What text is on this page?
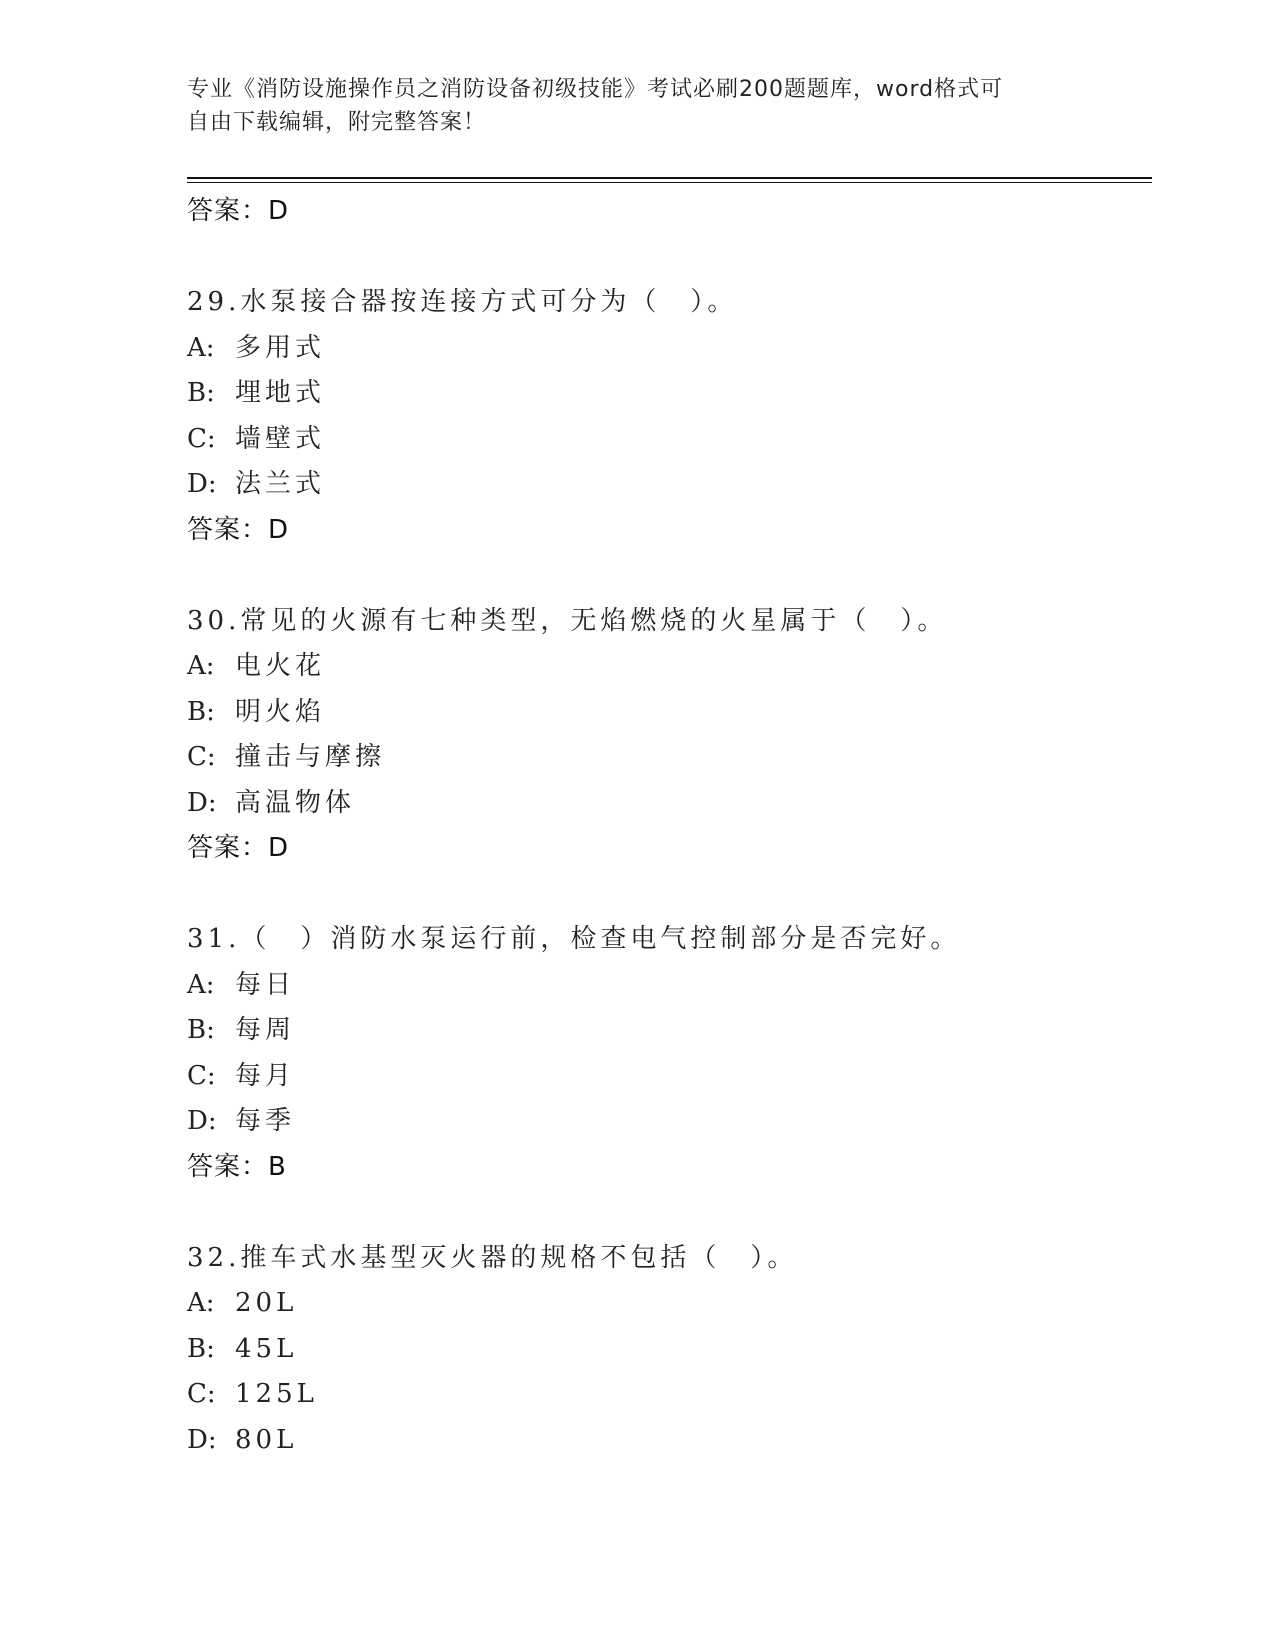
专业《消防设施操作员之消防设备初级技能》考试必刷200题题库，word格式可
自由下载编辑，附完整答案！
答案：D
29.水泵接合器按连接方式可分为（　）。
A: 多用式
B: 埋地式
C: 墙壁式
D: 法兰式
答案：D
30.常见的火源有七种类型，无焰燃烧的火星属于（　）。
A: 电火花
B: 明火焰
C: 撞击与摩擦
D: 高温物体
答案：D
31.（　）消防水泵运行前，检查电气控制部分是否完好。
A: 每日
B: 每周
C: 每月
D: 每季
答案：B
32.推车式水基型灭火器的规格不包括（　）。
A: 20L
B: 45L
C: 125L
D: 80L
